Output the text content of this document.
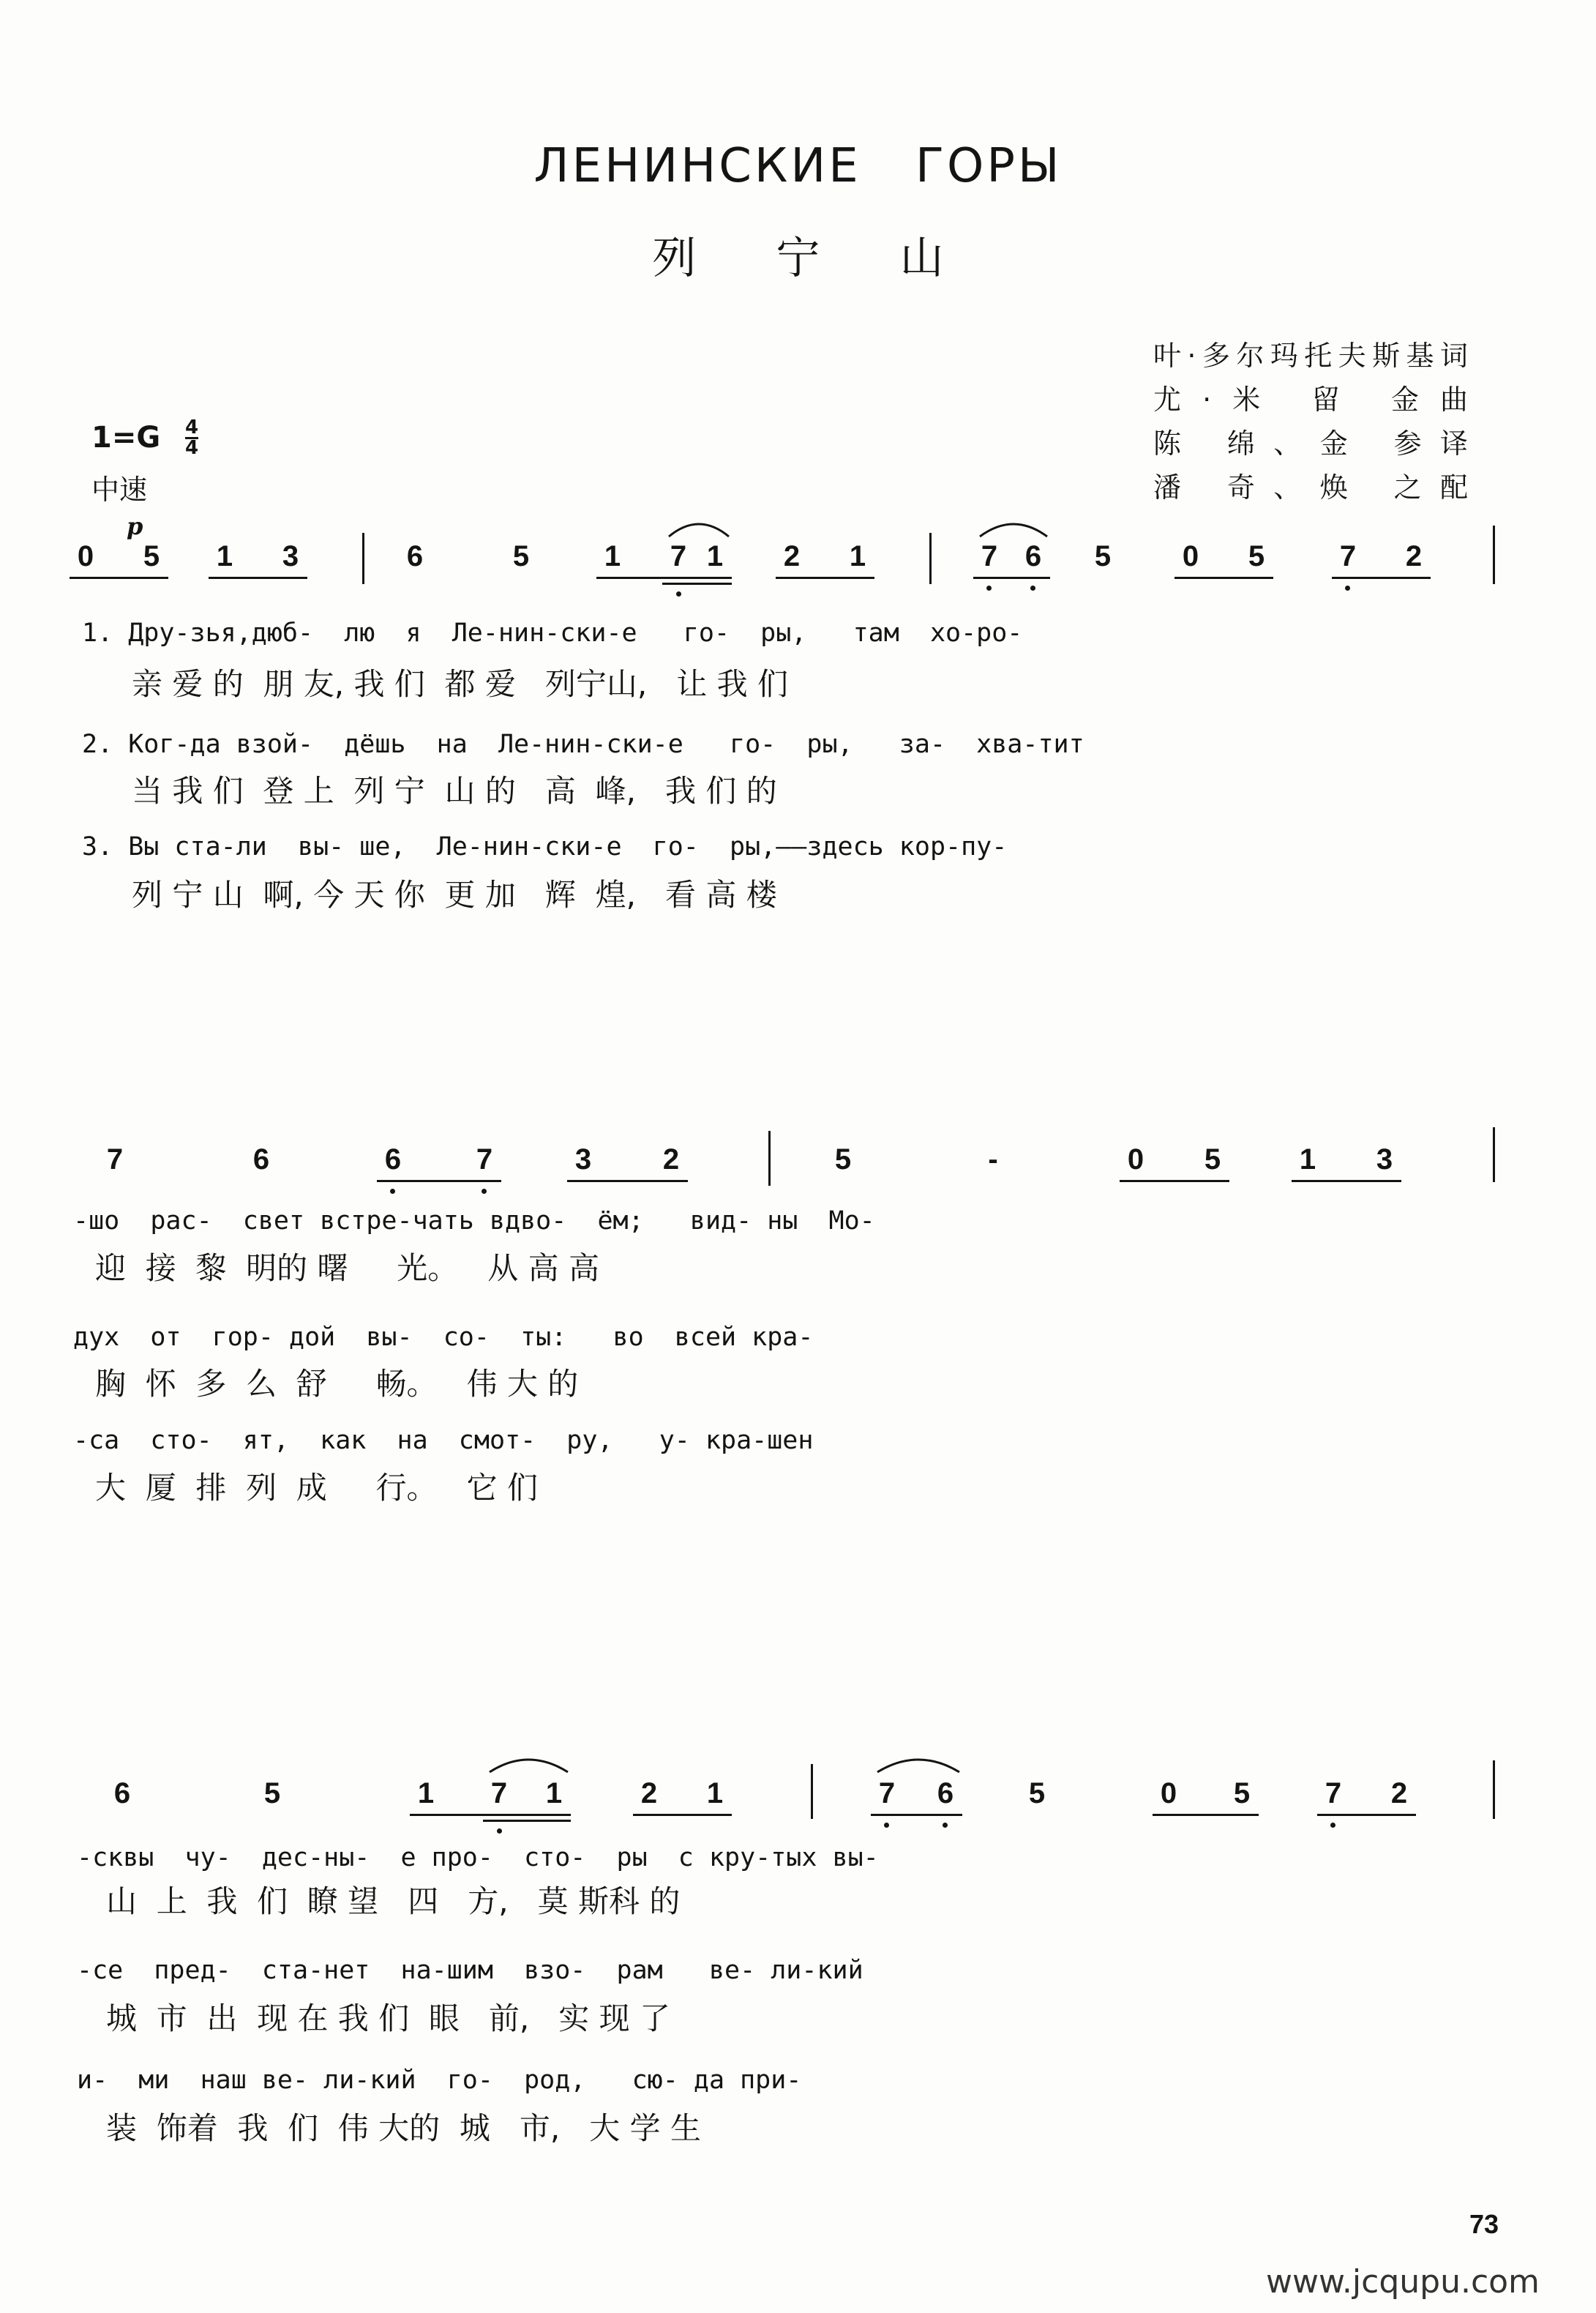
ЛЕНИНСКИЕ ГОРЫ
列 宁 山
叶·多尔玛托夫斯基词
尤·米 留 金曲
陈 绵、金 参译
潘 奇、焕 之配
$1=G \frac{4}{4}$
中速
p
0 5 1 3	6	5	1 7 1 2 1	7 6 5 0 5	7 2
1. Дру-зья,дюб-  лю  я  Ле-нин-ски-е   го-  ры,   там  хо-ро-
亲 爱 的  朋 友, 我 们  都 爱   列宁山,   让 我 们
2. Ког-да взой-  дёшь  на  Ле-нин-ски-е   го-  ры,   за-  хва-тит
当 我 们  登 上  列 宁  山 的   高  峰,   我 们 的
3. Вы ста-ли  вы- ше,  Ле-нин-ски-е  го-  ры,——здесь кор-пу-
列 宁 山  啊, 今 天 你  更 加   辉  煌,   看 高 楼
7	6	6	7	3 2	5	-	0 5	1 3
-шо  рас-  свет встре-чать вдво-  ём;   вид- ны  Мо-
迎  接  黎  明的 曙     光。   从 高 高
дух  от  гор- дой  вы-  со-  ты:   во  всей кра-
胸  怀  多  么  舒     畅。   伟 大 的
-са  сто-  ят,  как  на  смот-  ру,   у- кра-шен
大  厦  排  列  成     行。   它 们
6	5	1 7 1	2 1	7 6	5	0 5	7 2
-сквы  чу-  дес-ны-  е про-  сто-  ры  с кру-тых вы-
山  上  我  们  瞭 望   四   方,   莫 斯科 的
-се  пред-  ста-нет  на-шим  взо-  рам   ве- ли-кий
城  市  出  现 在 我 们  眼   前,   实 现 了
и-  ми  наш ве- ли-кий  го-  род,   сю- да при-
装  饰着  我  们  伟 大的  城   市,   大 学 生
73
www.jcqupu.com
